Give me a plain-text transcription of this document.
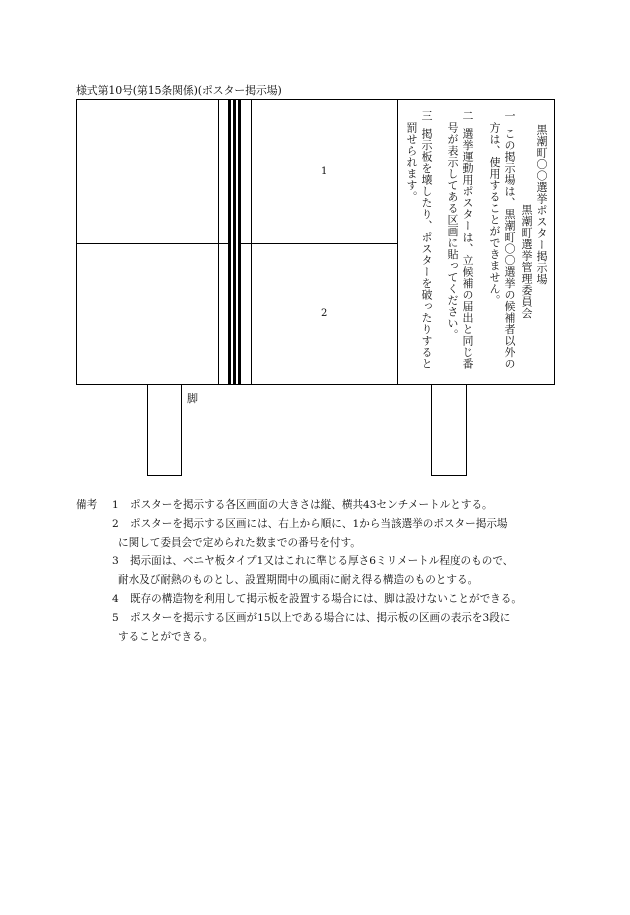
様式第10号(第15条関係)(ポスター掲示場)
1
2
黒潮町〇〇選挙ポスター掲示場
黒潮町選挙管理委員会
一
この掲示場は、黒潮町〇〇選挙の候補者以外の
方は、使用することができません。
二
選挙運動用ポスターは、立候補の届出と同じ番
号が表示してある区画に貼ってください。
三
掲示板を壊したり、ポスターを破ったりすると
罰せられます。
脚
備考	1	ポスターを掲示する各区画面の大きさは縦、横共43センチメートルとする。
2	ポスターを掲示する区画には、右上から順に、1から当該選挙のポスター掲示場
に関して委員会で定められた数までの番号を付す。
3	掲示面は、ベニヤ板タイプ1又はこれに準じる厚さ6ミリメートル程度のもので、
耐水及び耐熱のものとし、設置期間中の風雨に耐え得る構造のものとする。
4	既存の構造物を利用して掲示板を設置する場合には、脚は設けないことができる。
5	ポスターを掲示する区画が15以上である場合には、掲示板の区画の表示を3段に
することができる。
